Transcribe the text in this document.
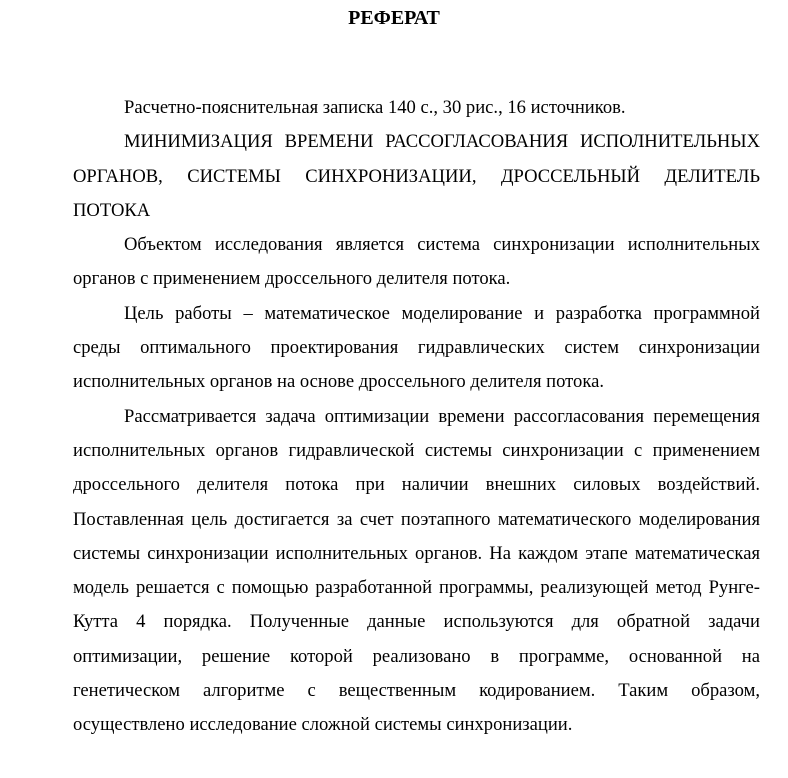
РЕФЕРАТ

Расчетно-пояснительная записка 140 с., 30 рис., 16 источников.

МИНИМИЗАЦИЯ ВРЕМЕНИ РАССОГЛАСОВАНИЯ ИСПОЛНИТЕЛЬНЫХ ОРГАНОВ, СИСТЕМЫ СИНХРОНИЗАЦИИ, ДРОССЕЛЬНЫЙ ДЕЛИТЕЛЬ ПОТОКА

Объектом исследования является система синхронизации исполнительных органов с применением дроссельного делителя потока.

Цель работы – математическое моделирование и разработка программной среды оптимального проектирования гидравлических систем синхронизации исполнительных органов на основе дроссельного делителя потока.

Рассматривается задача оптимизации времени рассогласования перемещения исполнительных органов гидравлической системы синхронизации с применением дроссельного делителя потока при наличии внешних силовых воздействий. Поставленная цель достигается за счет поэтапного математического моделирования системы синхронизации исполнительных органов. На каждом этапе математическая модель решается с помощью разработанной программы, реализующей метод Рунге-Кутта 4 порядка. Полученные данные используются для обратной задачи оптимизации, решение которой реализовано в программе, основанной на генетическом алгоритме с вещественным кодированием. Таким образом, осуществлено исследование сложной системы синхронизации.
